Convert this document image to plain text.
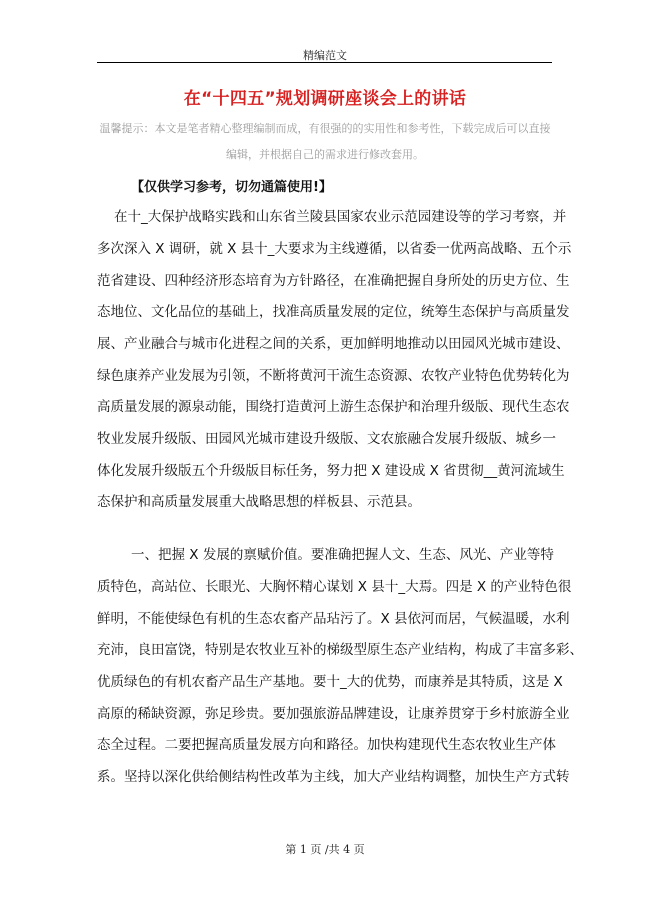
精编范文
在“十四五”规划调研座谈会上的讲话
温馨提示：本文是笔者精心整理编制而成，有很强的的实用性和参考性，下载完成后可以直接
编辑，并根据自己的需求进行修改套用。
【仅供学习参考，切勿通篇使用!】
在十_大保护战略实践和山东省兰陵县国家农业示范园建设等的学习考察，并
多次深入 X 调研，就 X 县十_大要求为主线遵循，以省委一优两高战略、五个示
范省建设、四种经济形态培育为方针路径，在准确把握自身所处的历史方位、生
态地位、文化品位的基础上，找准高质量发展的定位，统筹生态保护与高质量发
展、产业融合与城市化进程之间的关系，更加鲜明地推动以田园风光城市建设、
绿色康养产业发展为引领，不断将黄河干流生态资源、农牧产业特色优势转化为
高质量发展的源泉动能，围绕打造黄河上游生态保护和治理升级版、现代生态农
牧业发展升级版、田园风光城市建设升级版、文农旅融合发展升级版、城乡一
体化发展升级版五个升级版目标任务，努力把 X 建设成 X 省贯彻__黄河流域生
态保护和高质量发展重大战略思想的样板县、示范县。
一、把握 X 发展的禀赋价值。要准确把握人文、生态、风光、产业等特
质特色，高站位、长眼光、大胸怀精心谋划 X 县十_大焉。四是 X 的产业特色很
鲜明，不能使绿色有机的生态农畜产品玷污了。X 县依河而居，气候温暖，水利
充沛，良田富饶，特别是农牧业互补的梯级型原生态产业结构，构成了丰富多彩、
优质绿色的有机农畜产品生产基地。要十_大的优势，而康养是其特质，这是 X
高原的稀缺资源，弥足珍贵。要加强旅游品牌建设，让康养贯穿于乡村旅游全业
态全过程。二要把握高质量发展方向和路径。加快构建现代生态农牧业生产体
系。坚持以深化供给侧结构性改革为主线，加大产业结构调整，加快生产方式转
第 1 页 /共 4 页
